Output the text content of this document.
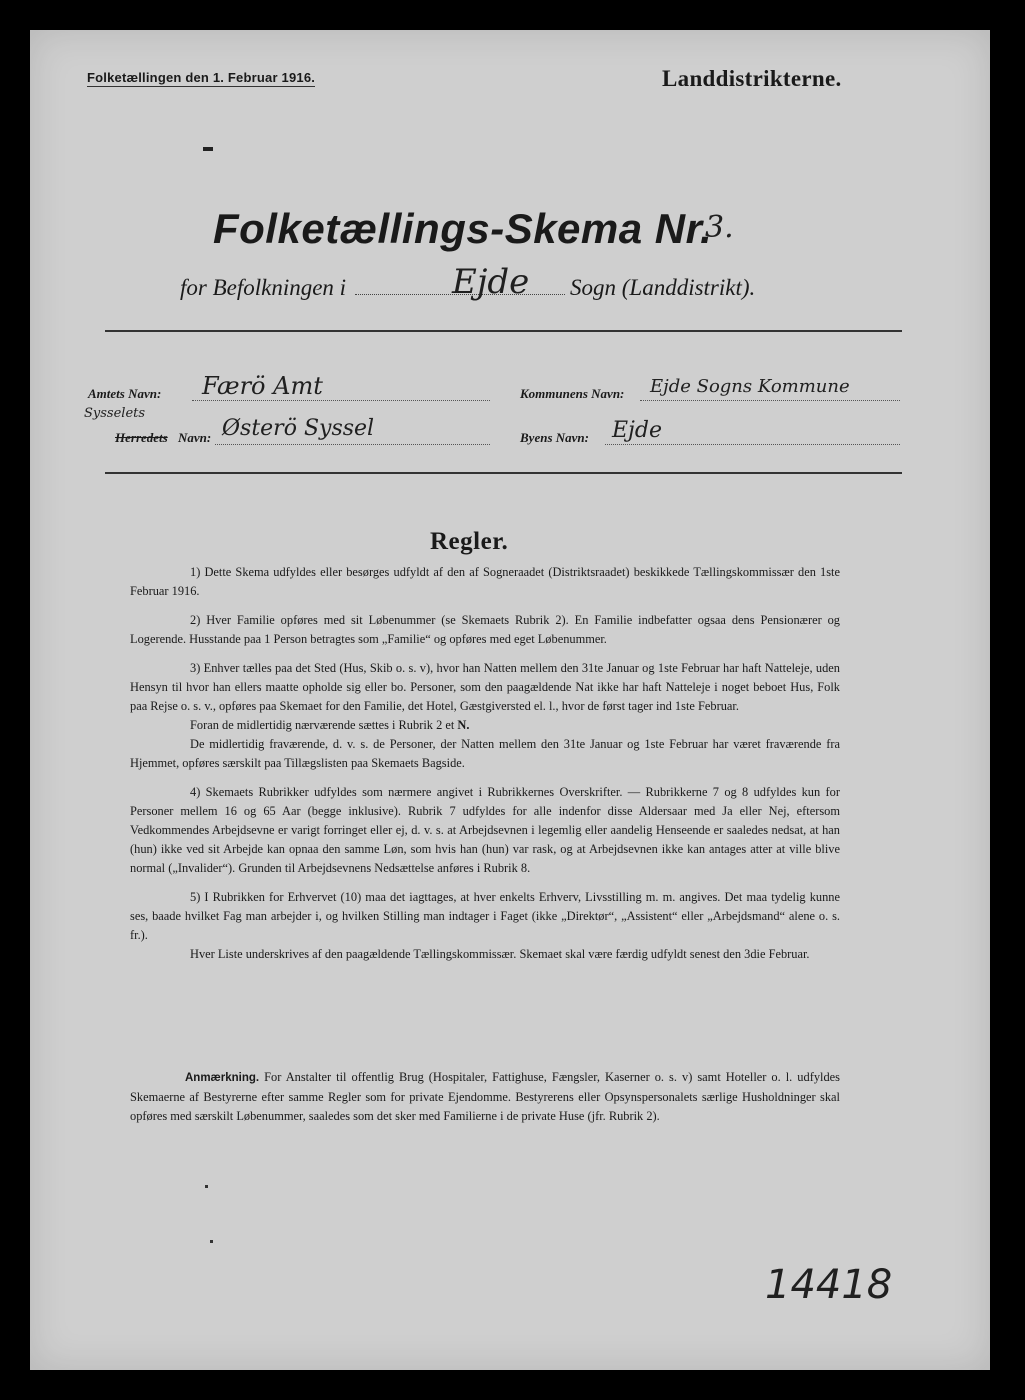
Folketællingen den 1. Februar 1916.	Landdistrikterne.
Folketællings-Skema Nr.
3.
for Befolkningen i	Ejde Sogn (Landdistrikt).
Amtets Navn: Færö Amt	Kommunens Navn: Ejde Sogns Kommune
Sysselets
Herredets Navn: Østerö Syssel	Byens Navn: Ejde
Regler.

1) Dette Skema udfyldes eller besørges udfyldt af den af Sogneraadet (Distriktsraadet) beskikkede Tællingskommissær den 1ste Februar 1916.

2) Hver Familie opføres med sit Løbenummer (se Skemaets Rubrik 2). En Familie indbefatter ogsaa dens Pensionærer og Logerende. Husstande paa 1 Person betragtes som „Familie“ og opføres med eget Løbenummer.

3) Enhver tælles paa det Sted (Hus, Skib o. s. v), hvor han Natten mellem den 31te Januar og 1ste Februar har haft Natteleje, uden Hensyn til hvor han ellers maatte opholde sig eller bo. Personer, som den paagældende Nat ikke har haft Natteleje i noget beboet Hus, Folk paa Rejse o. s. v., opføres paa Skemaet for den Familie, det Hotel, Gæstgiversted el. l., hvor de først tager ind 1ste Februar.

Foran de midlertidig nærværende sættes i Rubrik 2 et N.

De midlertidig fraværende, d. v. s. de Personer, der Natten mellem den 31te Januar og 1ste Februar har været fraværende fra Hjemmet, opføres særskilt paa Tillægslisten paa Skemaets Bagside.

4) Skemaets Rubrikker udfyldes som nærmere angivet i Rubrikkernes Overskrifter. — Rubrikkerne 7 og 8 udfyldes kun for Personer mellem 16 og 65 Aar (begge inklusive). Rubrik 7 udfyldes for alle indenfor disse Aldersaar med Ja eller Nej, eftersom Vedkommendes Arbejdsevne er varigt forringet eller ej, d. v. s. at Arbejdsevnen i legemlig eller aandelig Henseende er saaledes nedsat, at han (hun) ikke ved sit Arbejde kan opnaa den samme Løn, som hvis han (hun) var rask, og at Arbejdsevnen ikke kan antages atter at ville blive normal („Invalider“). Grunden til Arbejdsevnens Nedsættelse anføres i Rubrik 8.

5) I Rubrikken for Erhvervet (10) maa det iagttages, at hver enkelts Erhverv, Livsstilling m. m. angives. Det maa tydelig kunne ses, baade hvilket Fag man arbejder i, og hvilken Stilling man indtager i Faget (ikke „Direktør“, „Assistent“ eller „Arbejdsmand“ alene o. s. fr.).

Hver Liste underskrives af den paagældende Tællingskommissær. Skemaet skal være færdig udfyldt senest den 3die Februar.

Anmærkning. For Anstalter til offentlig Brug (Hospitaler, Fattighuse, Fængsler, Kaserner o. s. v) samt Hoteller o. l. udfyldes Skemaerne af Bestyrerne efter samme Regler som for private Ejendomme. Bestyrerens eller Opsynspersonalets særlige Husholdninger skal opføres med særskilt Løbenummer, saaledes som det sker med Familierne i de private Huse (jfr. Rubrik 2).

14418
